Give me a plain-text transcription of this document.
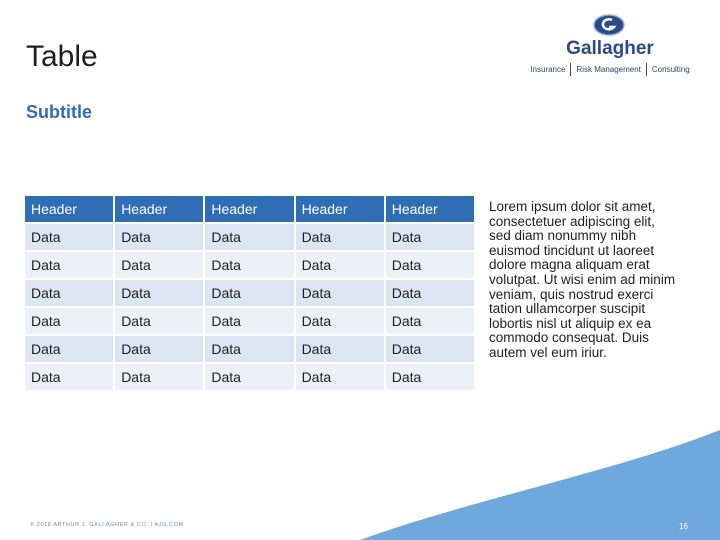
Table
Subtitle
Gallagher
Insurance Risk Management Consulting
Header	Header	Header	Header	Header
Data	Data	Data	Data	Data
Data	Data	Data	Data	Data
Data	Data	Data	Data	Data
Data	Data	Data	Data	Data
Data	Data	Data	Data	Data
Data	Data	Data	Data	Data
Lorem ipsum dolor sit amet, consectetuer adipiscing elit, sed diam nonummy nibh euismod tincidunt ut laoreet dolore magna aliquam erat volutpat. Ut wisi enim ad minim veniam, quis nostrud exerci tation ullamcorper suscipit lobortis nisl ut aliquip ex ea commodo consequat. Duis autem vel eum iriur.
© 2018 ARTHUR J. GALLAGHER & CO. | AJG.COM	16
